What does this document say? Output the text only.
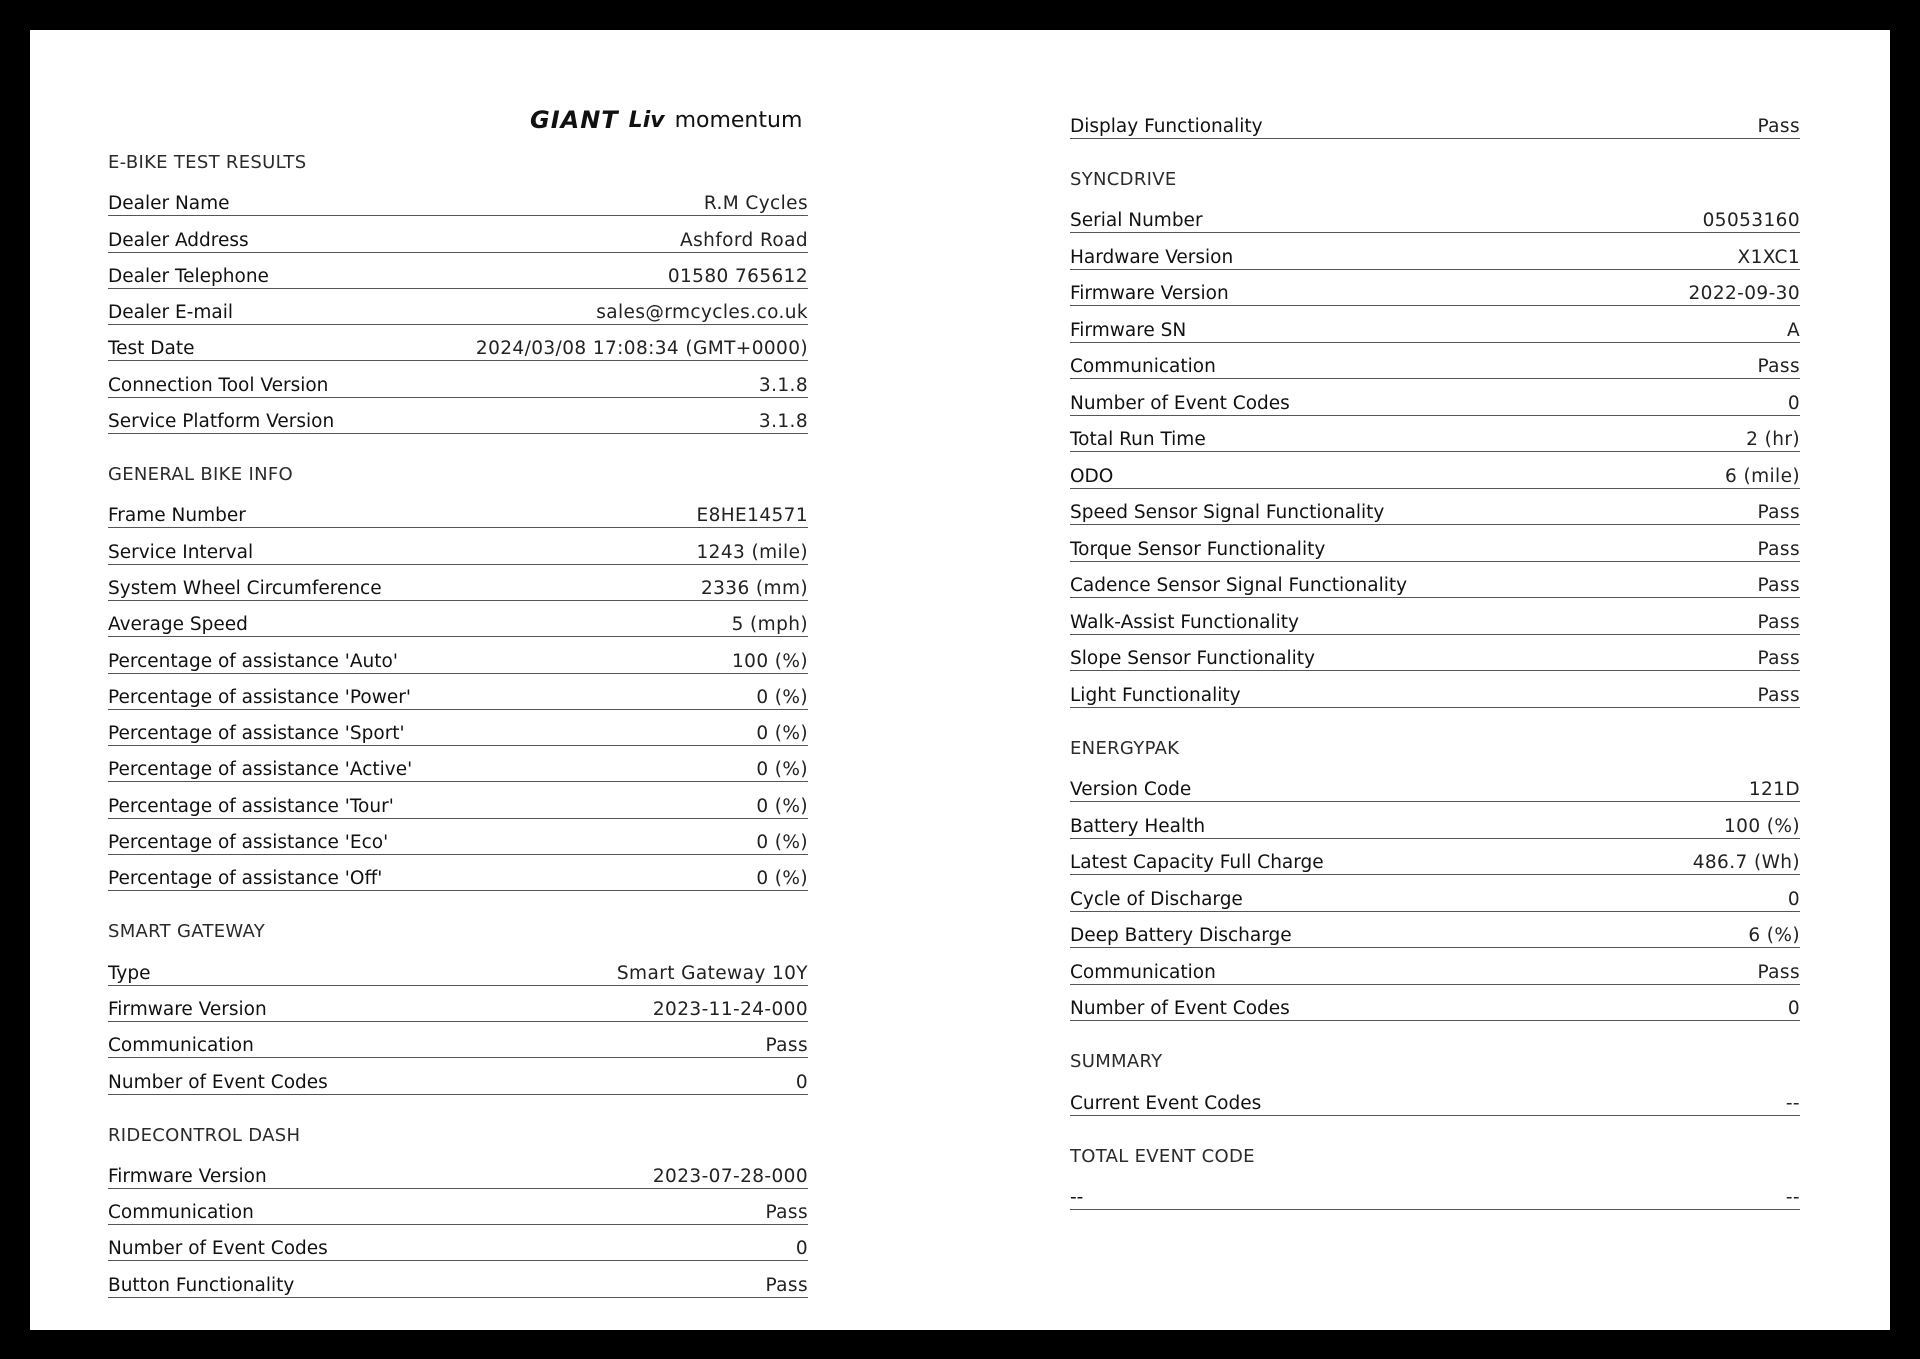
GIANT Liv momentum
E-BIKE TEST RESULTS
Dealer Name	R.M Cycles
Dealer Address	Ashford Road
Dealer Telephone	01580 765612
Dealer E-mail	sales@rmcycles.co.uk
Test Date	2024/03/08 17:08:34 (GMT+0000)
Connection Tool Version	3.1.8
Service Platform Version	3.1.8
GENERAL BIKE INFO
Frame Number	E8HE14571
Service Interval	1243 (mile)
System Wheel Circumference	2336 (mm)
Average Speed	5 (mph)
Percentage of assistance 'Auto'	100 (%)
Percentage of assistance 'Power'	0 (%)
Percentage of assistance 'Sport'	0 (%)
Percentage of assistance 'Active'	0 (%)
Percentage of assistance 'Tour'	0 (%)
Percentage of assistance 'Eco'	0 (%)
Percentage of assistance 'Off'	0 (%)
SMART GATEWAY
Type	Smart Gateway 10Y
Firmware Version	2023-11-24-000
Communication	Pass
Number of Event Codes	0
RIDECONTROL DASH
Firmware Version	2023-07-28-000
Communication	Pass
Number of Event Codes	0
Button Functionality	Pass
Display Functionality	Pass
SYNCDRIVE
Serial Number	05053160
Hardware Version	X1XC1
Firmware Version	2022-09-30
Firmware SN	A
Communication	Pass
Number of Event Codes	0
Total Run Time	2 (hr)
ODO	6 (mile)
Speed Sensor Signal Functionality	Pass
Torque Sensor Functionality	Pass
Cadence Sensor Signal Functionality	Pass
Walk-Assist Functionality	Pass
Slope Sensor Functionality	Pass
Light Functionality	Pass
ENERGYPAK
Version Code	121D
Battery Health	100 (%)
Latest Capacity Full Charge	486.7 (Wh)
Cycle of Discharge	0
Deep Battery Discharge	6 (%)
Communication	Pass
Number of Event Codes	0
SUMMARY
Current Event Codes	--
TOTAL EVENT CODE
--	--
